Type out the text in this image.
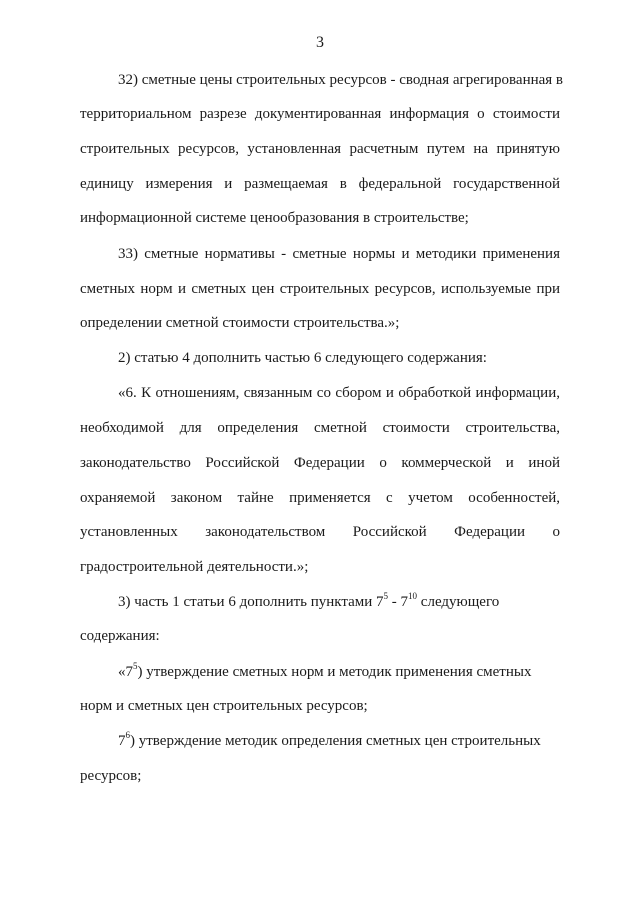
3
32) сметные цены строительных ресурсов - сводная агрегированная в
территориальном разрезе документированная информация о стоимости
строительных ресурсов, установленная расчетным путем на принятую
единицу измерения и размещаемая в федеральной государственной
информационной системе ценообразования в строительстве;
33) сметные нормативы - сметные нормы и методики применения
сметных норм и сметных цен строительных ресурсов, используемые при
определении сметной стоимости строительства.»;
2) статью 4 дополнить частью 6 следующего содержания:
«6. К отношениям, связанным со сбором и обработкой информации,
необходимой для определения сметной стоимости строительства,
законодательство Российской Федерации о коммерческой и иной
охраняемой законом тайне применяется с учетом особенностей,
установленных законодательством Российской Федерации о
градостроительной деятельности.»;
3) часть 1 статьи 6 дополнить пунктами $7^5 - 7^{10}$ следующего
содержания:
«$7^5$) утверждение сметных норм и методик применения сметных
норм и сметных цен строительных ресурсов;
$7^6$) утверждение методик определения сметных цен строительных
ресурсов;
